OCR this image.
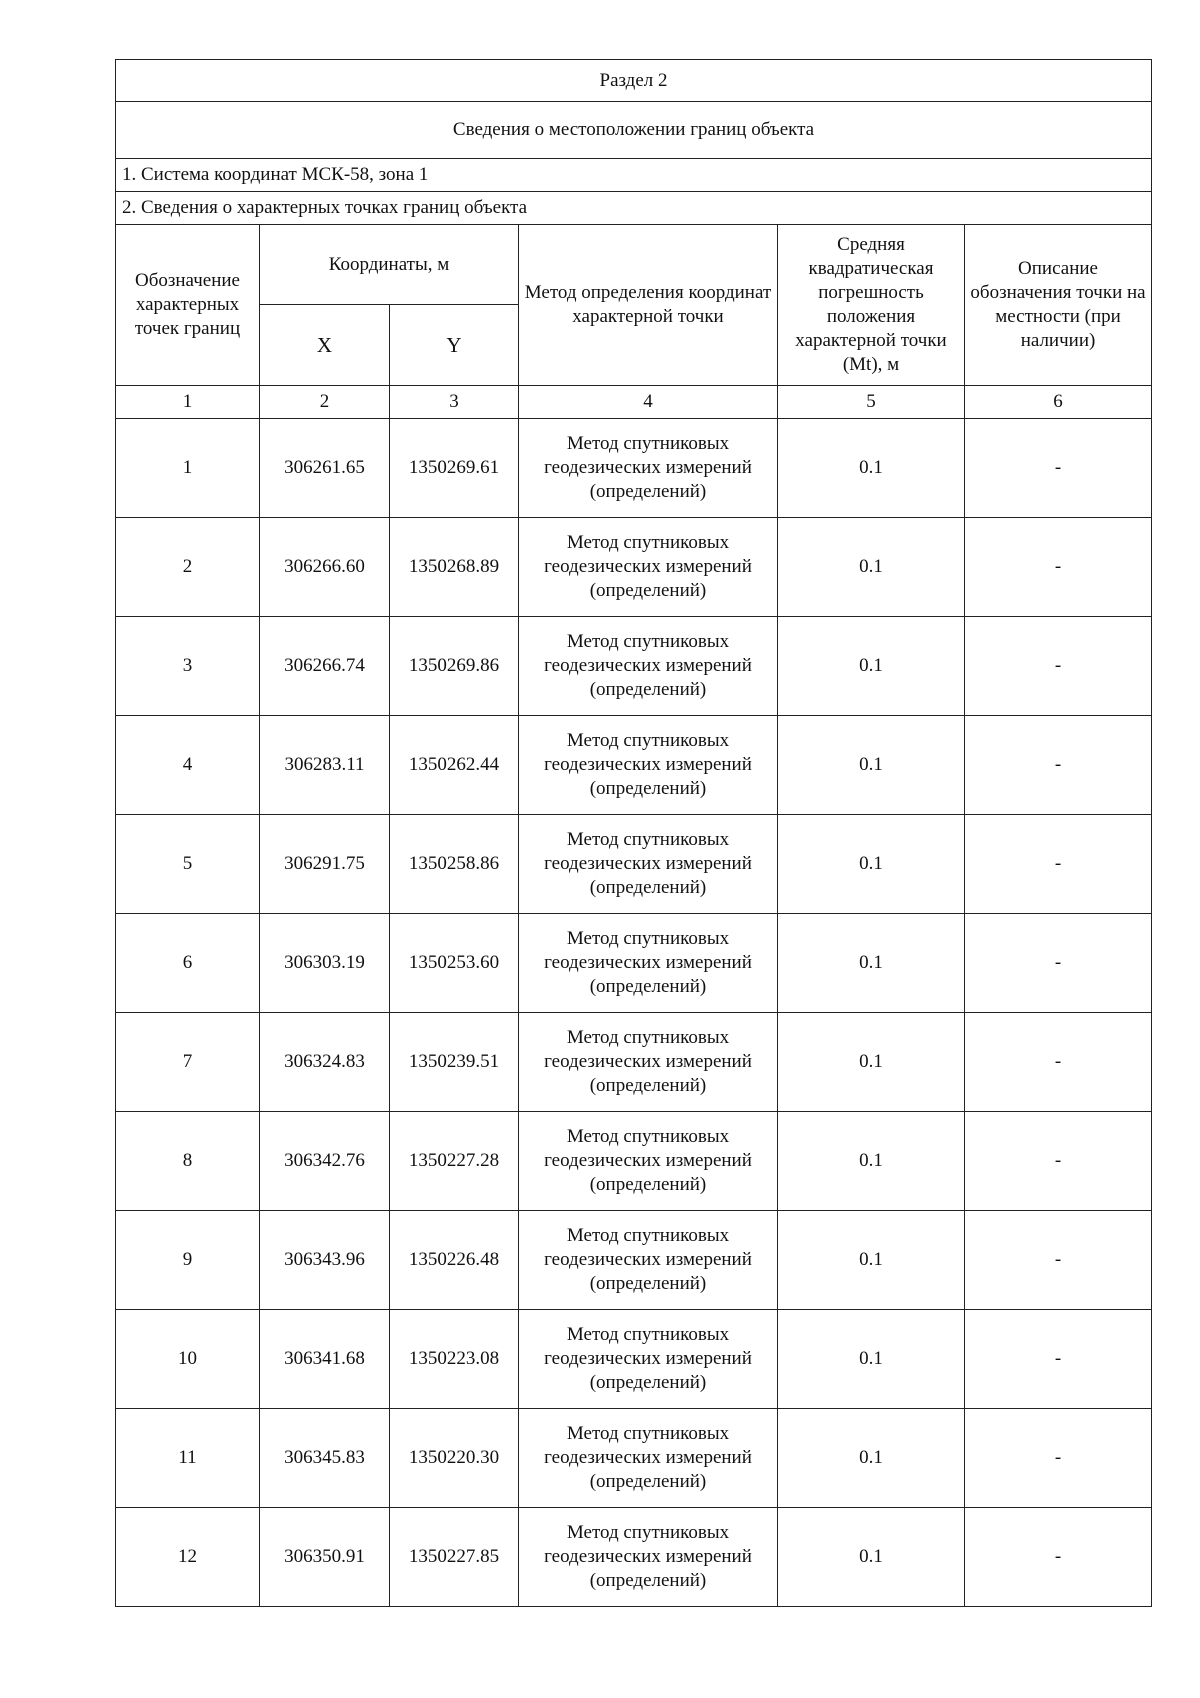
Раздел 2					
Сведения о местоположении границ объекта					
1. Система координат МСК-58, зона 1					
2. Сведения о характерных точках границ объекта					
Обозначение характерных точек границ	Координаты, м		Метод определения координат характерной точки	Средняя квадратическая погрешность положения характерной точки (Mt), м	Описание обозначения точки на местности (при наличии)
	X	Y			
1	2	3	4	5	6
1	306261.65	1350269.61	Метод спутниковых геодезических измерений (определений)	0.1	-
2	306266.60	1350268.89	Метод спутниковых геодезических измерений (определений)	0.1	-
3	306266.74	1350269.86	Метод спутниковых геодезических измерений (определений)	0.1	-
4	306283.11	1350262.44	Метод спутниковых геодезических измерений (определений)	0.1	-
5	306291.75	1350258.86	Метод спутниковых геодезических измерений (определений)	0.1	-
6	306303.19	1350253.60	Метод спутниковых геодезических измерений (определений)	0.1	-
7	306324.83	1350239.51	Метод спутниковых геодезических измерений (определений)	0.1	-
8	306342.76	1350227.28	Метод спутниковых геодезических измерений (определений)	0.1	-
9	306343.96	1350226.48	Метод спутниковых геодезических измерений (определений)	0.1	-
10	306341.68	1350223.08	Метод спутниковых геодезических измерений (определений)	0.1	-
11	306345.83	1350220.30	Метод спутниковых геодезических измерений (определений)	0.1	-
12	306350.91	1350227.85	Метод спутниковых геодезических измерений (определений)	0.1	-
